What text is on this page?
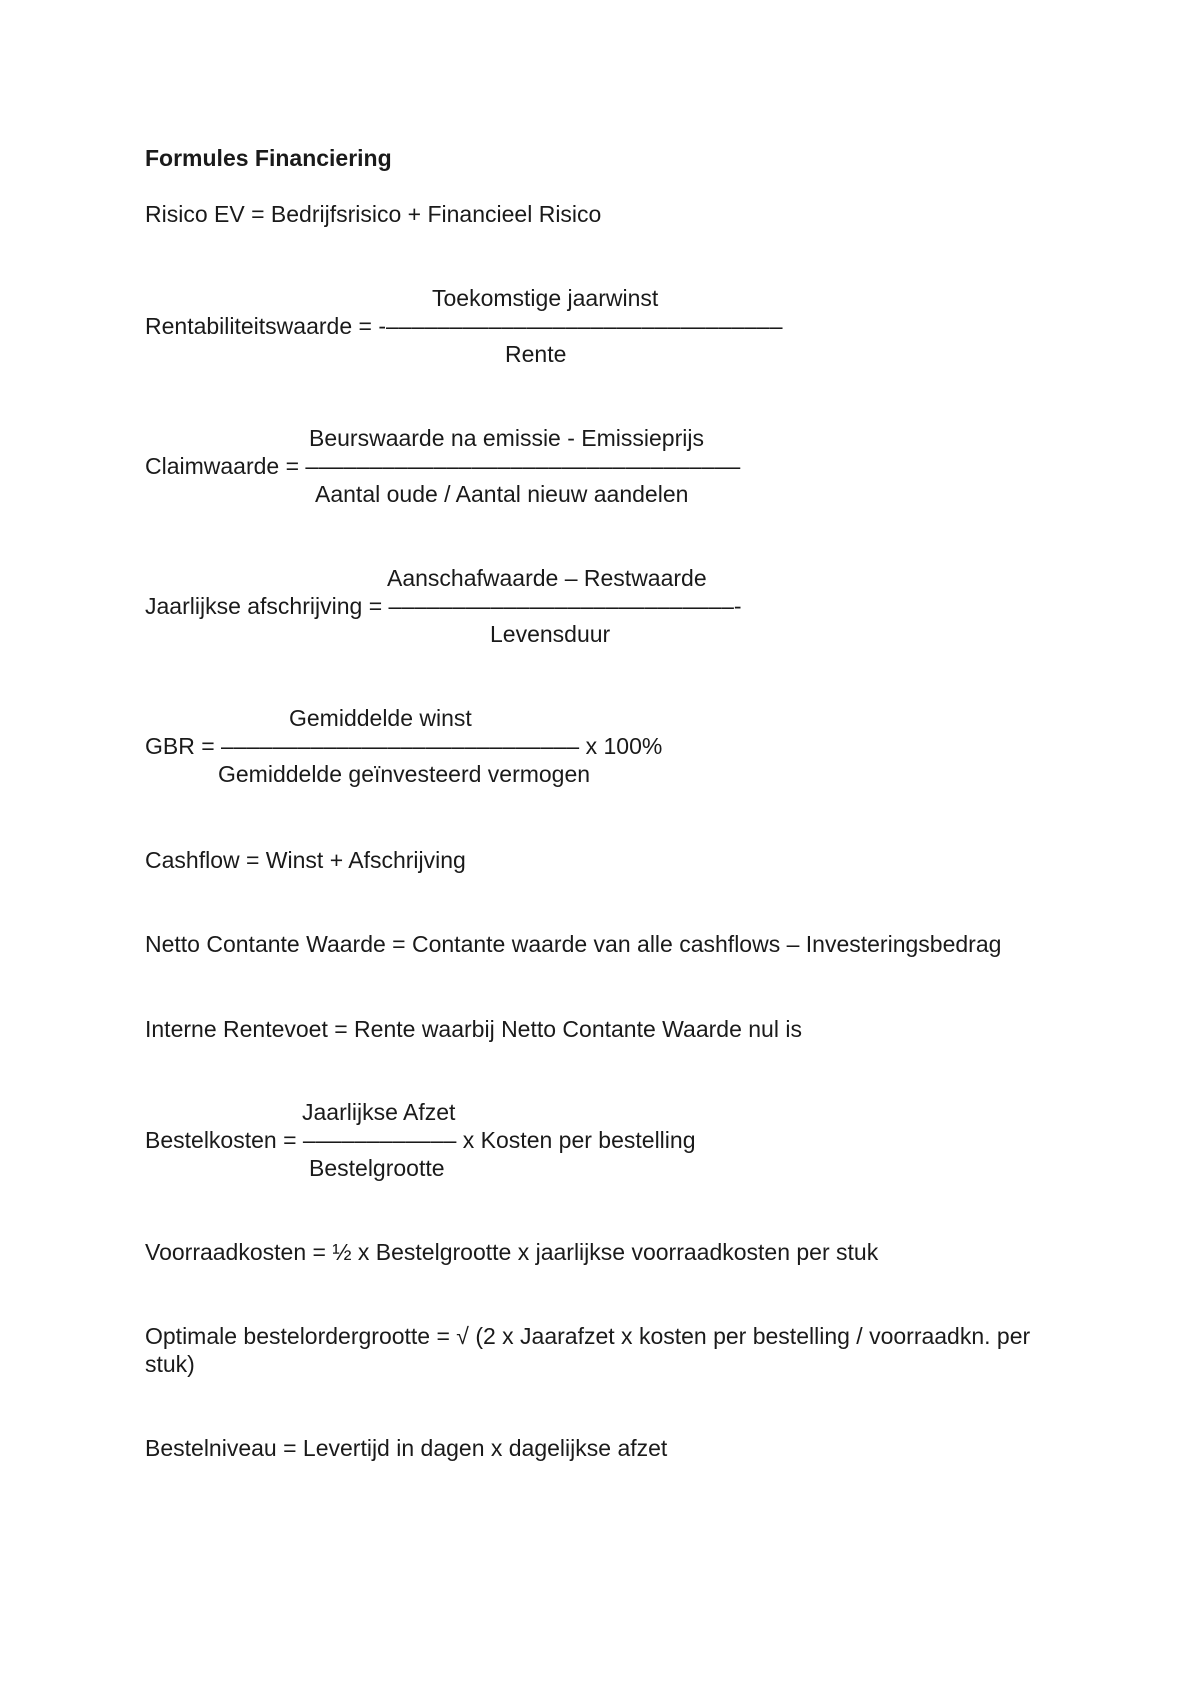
Formules Financiering

Risico EV = Bedrijfsrisico + Financieel Risico

Toekomstige jaarwinst

Rentabiliteitswaarde = -–––––––––––––––––––––––––––––––

Rente

Beurswaarde na emissie - Emissieprijs

Claimwaarde = ––––––––––––––––––––––––––––––––––

Aantal oude / Aantal nieuw aandelen

Aanschafwaarde – Restwaarde

Jaarlijkse afschrijving = –––––––––––––––––––––––––––-

Levensduur

Gemiddelde winst

GBR = –––––––––––––––––––––––––––– x 100%

Gemiddelde geïnvesteerd vermogen

Cashflow = Winst + Afschrijving

Netto Contante Waarde = Contante waarde van alle cashflows – Investeringsbedrag

Interne Rentevoet = Rente waarbij Netto Contante Waarde nul is

Jaarlijkse Afzet

Bestelkosten = –––––––––––– x Kosten per bestelling

Bestelgrootte

Voorraadkosten = ½ x Bestelgrootte x jaarlijkse voorraadkosten per stuk

Optimale bestelordergrootte = √ (2 x Jaarafzet x kosten per bestelling / voorraadkn. per stuk)

Bestelniveau = Levertijd in dagen x dagelijkse afzet
